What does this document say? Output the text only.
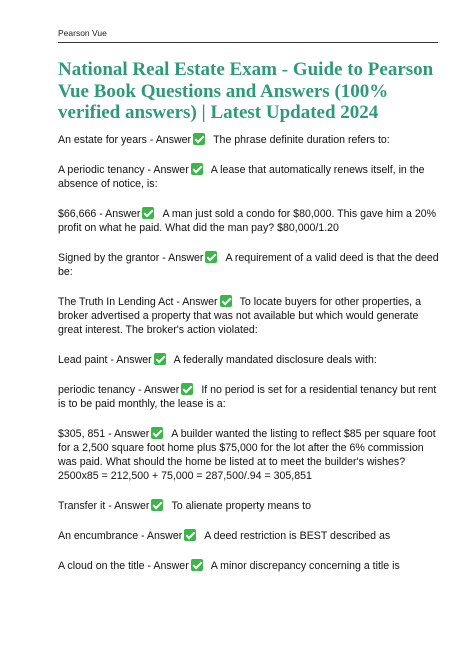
Pearson Vue
National Real Estate Exam - Guide to Pearson Vue Book Questions and Answers (100% verified answers) | Latest Updated 2024
An estate for years - Answer The phrase definite duration refers to:
A periodic tenancy - Answer A lease that automatically renews itself, in the absence of notice, is:
$66,666 - Answer A man just sold a condo for $80,000. This gave him a 20% profit on what he paid. What did the man pay? $80,000/1.20
Signed by the grantor - Answer A requirement of a valid deed is that the deed be:
The Truth In Lending Act - Answer To locate buyers for other properties, a broker advertised a property that was not available but which would generate great interest. The broker's action violated:
Lead paint - Answer A federally mandated disclosure deals with:
periodic tenancy - Answer If no period is set for a residential tenancy but rent is to be paid monthly, the lease is a:
$305, 851 - Answer A builder wanted the listing to reflect $85 per square foot for a 2,500 square foot home plus $75,000 for the lot after the 6% commission was paid. What should the home be listed at to meet the builder's wishes? 2500x85 = 212,500 + 75,000 = 287,500/.94 = 305,851
Transfer it - Answer To alienate property means to
An encumbrance - Answer A deed restriction is BEST described as
A cloud on the title - Answer A minor discrepancy concerning a title is
